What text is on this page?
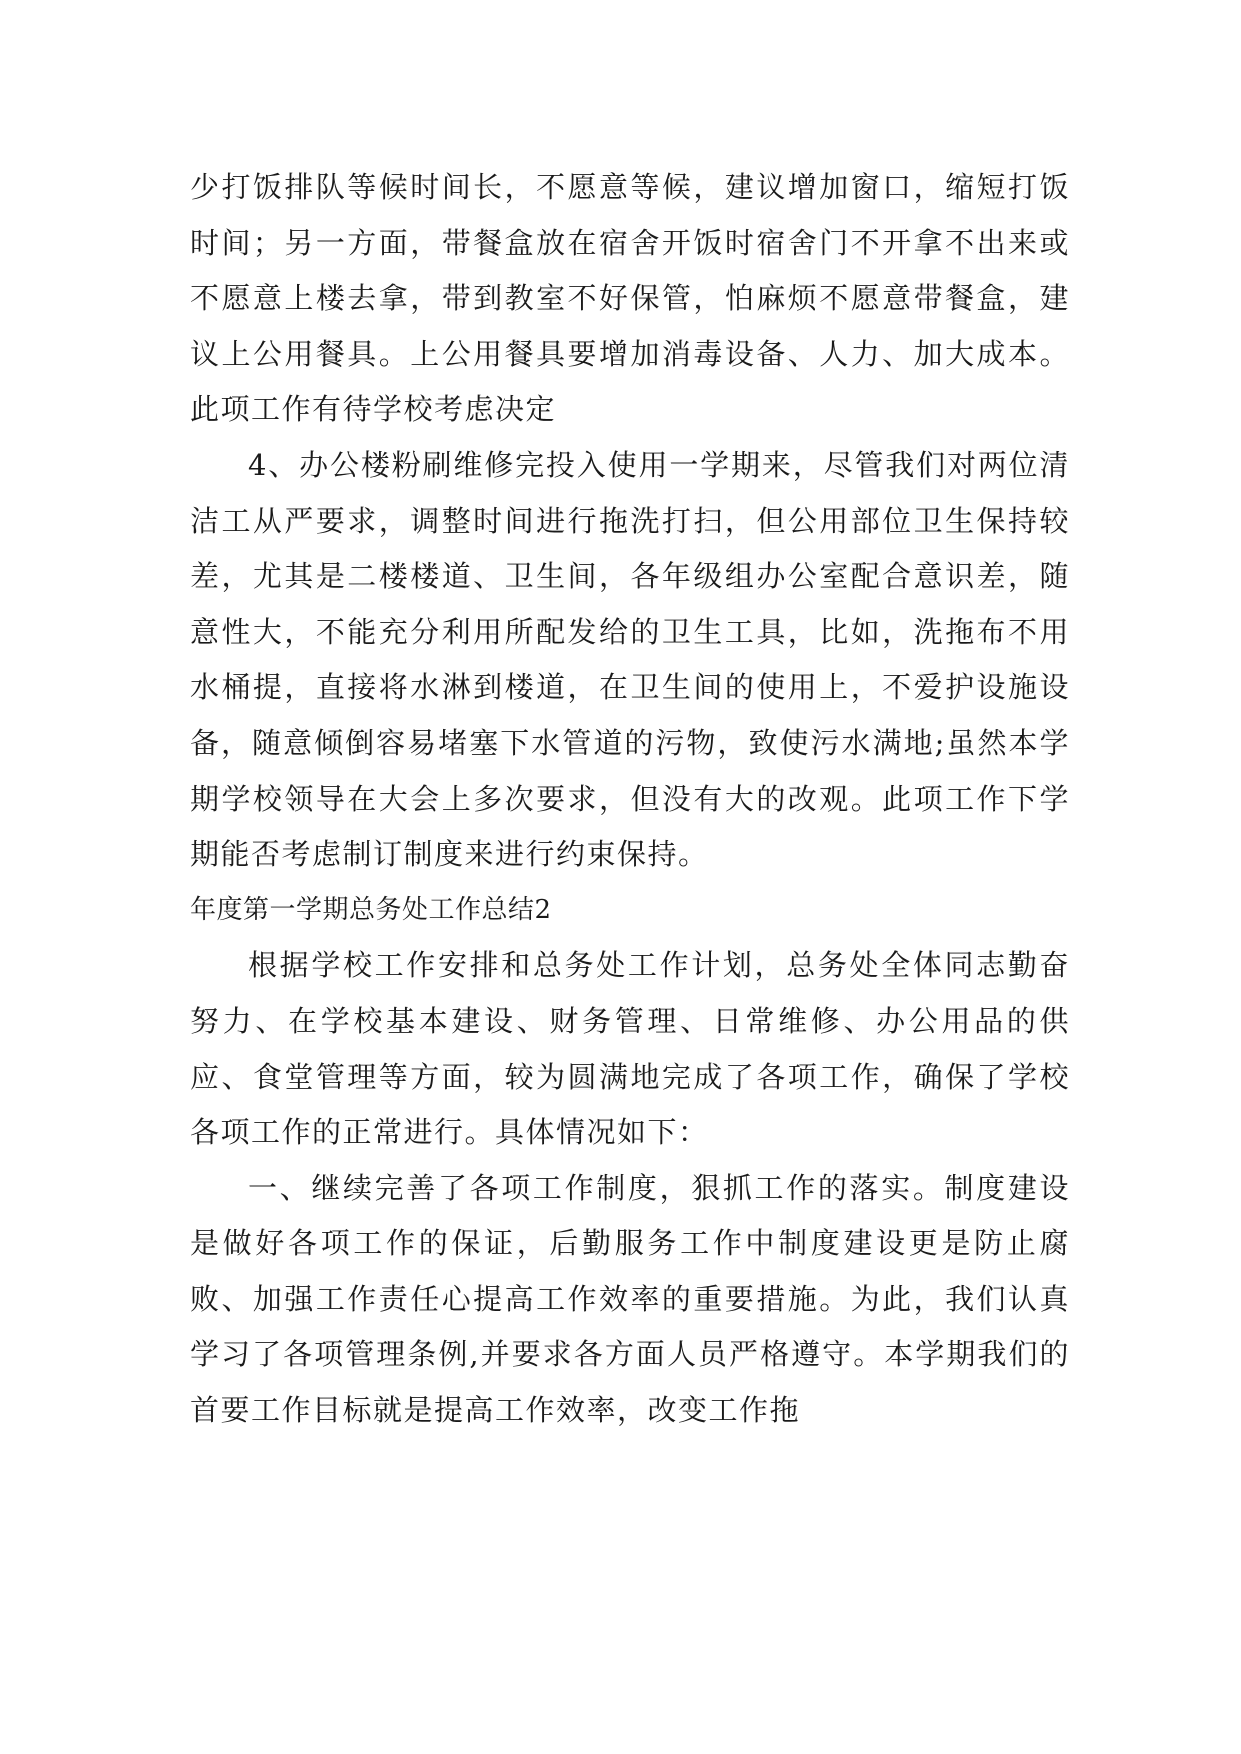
少打饭排队等候时间长，不愿意等候，建议增加窗口，缩短打饭时间；另一方面，带餐盒放在宿舍开饭时宿舍门不开拿不出来或不愿意上楼去拿，带到教室不好保管，怕麻烦不愿意带餐盒，建议上公用餐具。上公用餐具要增加消毒设备、人力、加大成本。此项工作有待学校考虑决定

4、办公楼粉刷维修完投入使用一学期来，尽管我们对两位清洁工从严要求，调整时间进行拖洗打扫，但公用部位卫生保持较差，尤其是二楼楼道、卫生间，各年级组办公室配合意识差，随意性大，不能充分利用所配发给的卫生工具，比如，洗拖布不用水桶提，直接将水淋到楼道，在卫生间的使用上，不爱护设施设备，随意倾倒容易堵塞下水管道的污物，致使污水满地;虽然本学期学校领导在大会上多次要求，但没有大的改观。此项工作下学期能否考虑制订制度来进行约束保持。

年度第一学期总务处工作总结2

根据学校工作安排和总务处工作计划，总务处全体同志勤奋努力、在学校基本建设、财务管理、日常维修、办公用品的供应、食堂管理等方面，较为圆满地完成了各项工作，确保了学校各项工作的正常进行。具体情况如下：

一、继续完善了各项工作制度，狠抓工作的落实。制度建设是做好各项工作的保证，后勤服务工作中制度建设更是防止腐败、加强工作责任心提高工作效率的重要措施。为此，我们认真学习了各项管理条例,并要求各方面人员严格遵守。本学期我们的首要工作目标就是提高工作效率，改变工作拖
